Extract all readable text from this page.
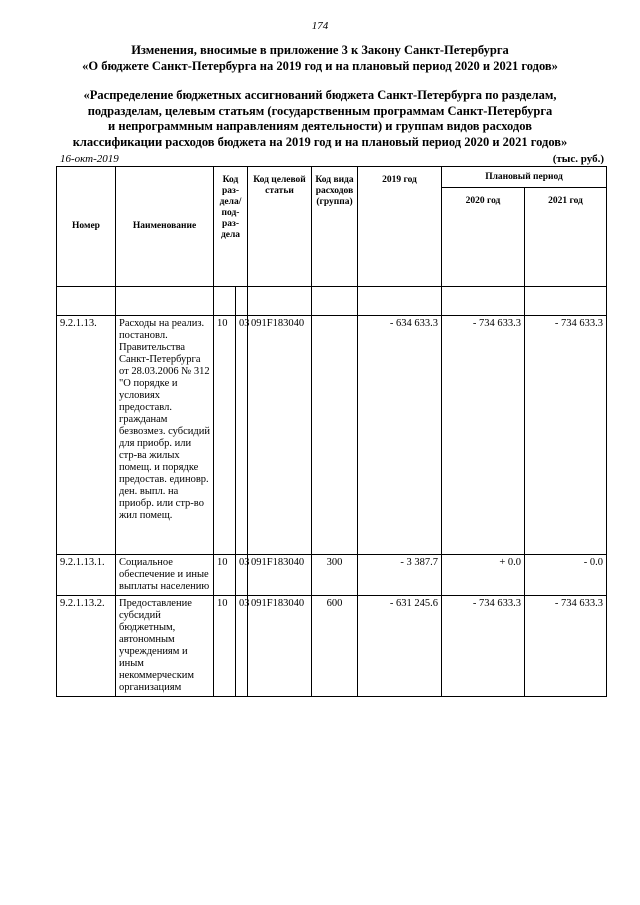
174
Изменения, вносимые в приложение 3 к Закону Санкт-Петербурга
«О бюджете Санкт-Петербурга на 2019 год и на плановый период 2020 и 2021 годов»
«Распределение бюджетных ассигнований бюджета Санкт-Петербурга по разделам,
подразделам, целевым статьям (государственным программам Санкт-Петербурга
и непрограммным направлениям деятельности) и группам видов расходов
классификации расходов бюджета на 2019 год и на плановый период 2020 и 2021 годов»
16-окт-2019	(тыс. руб.)
Номер	Наименование	Код раз-дела/ под-раз-дела		Код целевой статьи	Код вида расходов (группа)	2019 год	Плановый период	
							2020 год	2021 год

9.2.1.13.	Расходы на реализ. постановл. Правительства Санкт-Петербурга от 28.03.2006 № 312 "О порядке и условиях предоставл. гражданам безвозмез. субсидий для приобр. или стр-ва жилых помещ. и порядке предостав. единовр. ден. выпл. на приобр. или стр-во жил помещ.	10	03	091F183040		- 634 633.3	- 734 633.3	- 734 633.3
9.2.1.13.1.	Социальное обеспечение и иные выплаты населению	10	03	091F183040	300	- 3 387.7	+ 0.0	- 0.0
9.2.1.13.2.	Предоставление субсидий бюджетным, автономным учреждениям и иным некоммерческим организациям	10	03	091F183040	600	- 631 245.6	- 734 633.3	- 734 633.3
